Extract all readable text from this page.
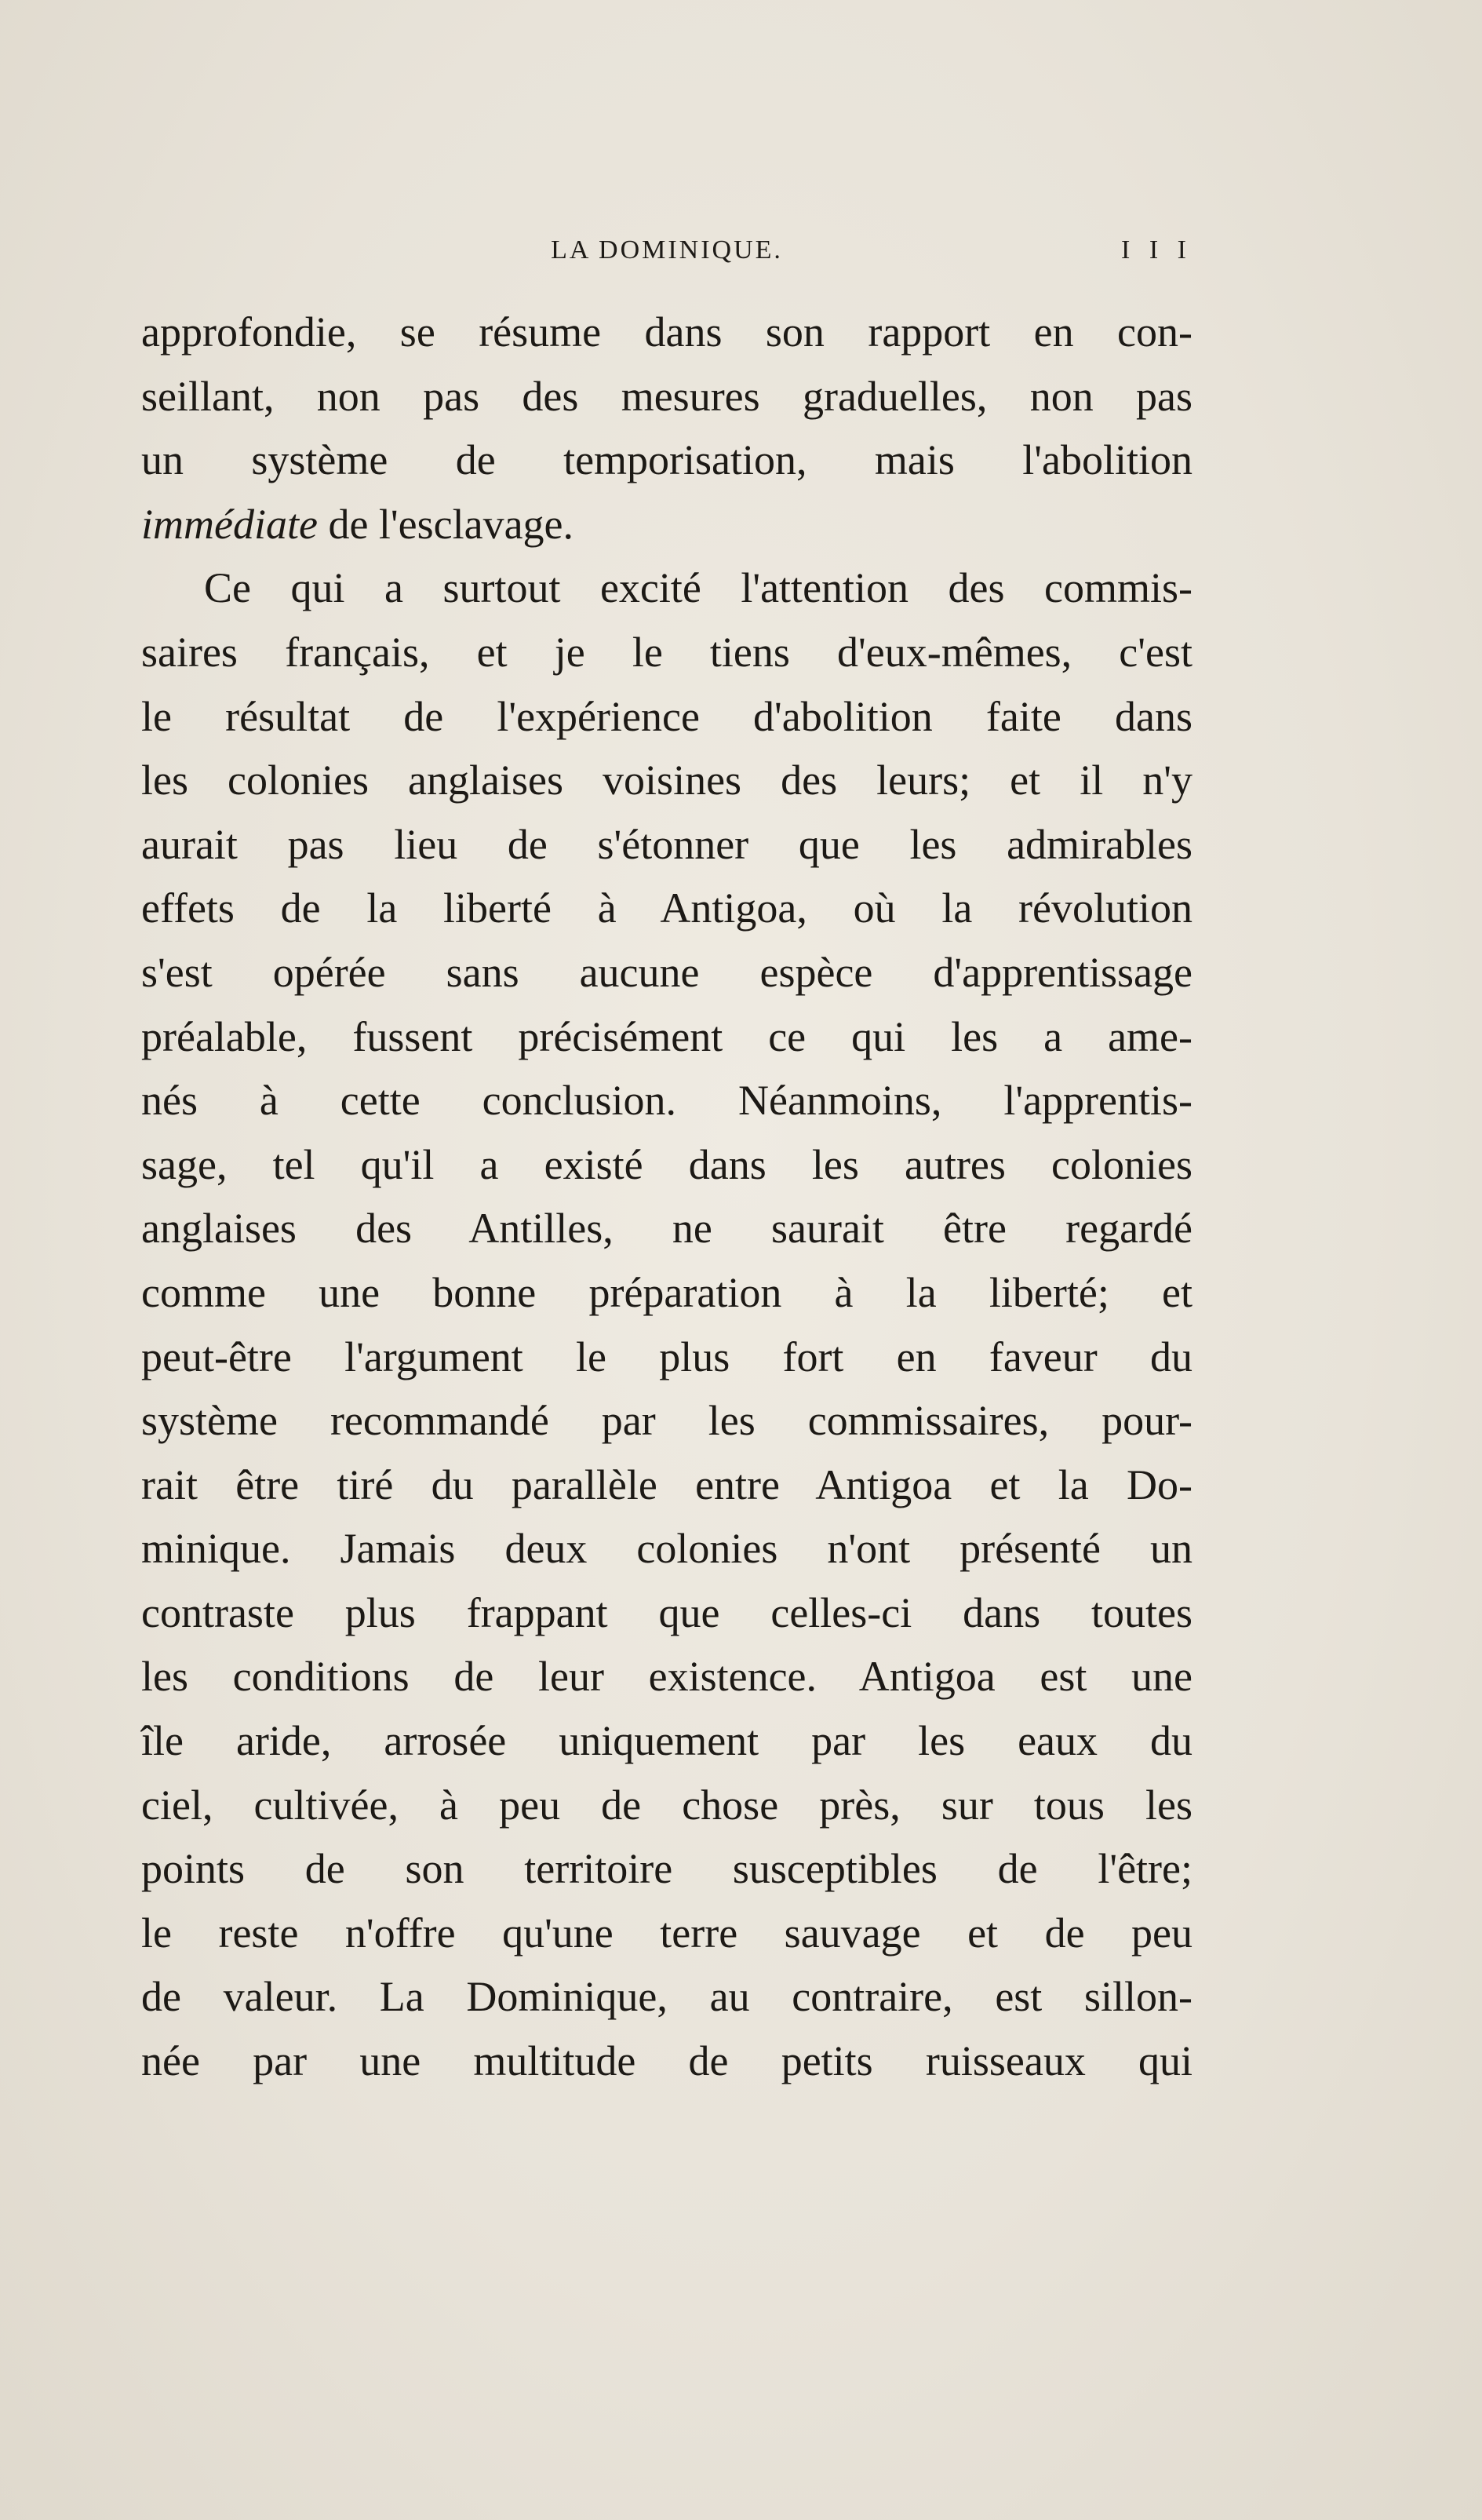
LA DOMINIQUE.	I I I
approfondie, se résume dans son rapport en con-
seillant, non pas des mesures graduelles, non pas
un système de temporisation, mais l'abolition
immédiate de l'esclavage.
Ce qui a surtout excité l'attention des commis-
saires français, et je le tiens d'eux-mêmes, c'est
le résultat de l'expérience d'abolition faite dans
les colonies anglaises voisines des leurs; et il n'y
aurait pas lieu de s'étonner que les admirables
effets de la liberté à Antigoa, où la révolution
s'est opérée sans aucune espèce d'apprentissage
préalable, fussent précisément ce qui les a ame-
nés à cette conclusion. Néanmoins, l'apprentis-
sage, tel qu'il a existé dans les autres colonies
anglaises des Antilles, ne saurait être regardé
comme une bonne préparation à la liberté; et
peut-être l'argument le plus fort en faveur du
système recommandé par les commissaires, pour-
rait être tiré du parallèle entre Antigoa et la Do-
minique. Jamais deux colonies n'ont présenté un
contraste plus frappant que celles-ci dans toutes
les conditions de leur existence. Antigoa est une
île aride, arrosée uniquement par les eaux du
ciel, cultivée, à peu de chose près, sur tous les
points de son territoire susceptibles de l'être;
le reste n'offre qu'une terre sauvage et de peu
de valeur. La Dominique, au contraire, est sillon-
née par une multitude de petits ruisseaux qui
